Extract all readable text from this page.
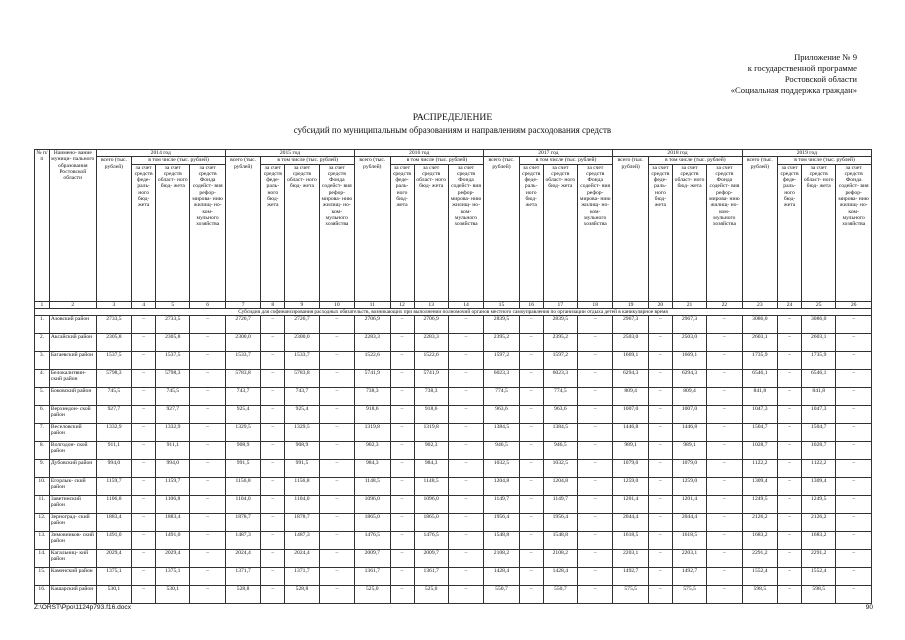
Приложение № 9
к государственной программе
Ростовской области
«Социальная поддержка граждан»
РАСПРЕДЕЛЕНИЕ
субсидий по муниципальным образованиям и направлениям расходования средств
№ п/п	Наимено- вание муници- пального образования Ростовской области	2014 год				2015 год				2016 год				2017 год				2018 год				2019 год			
		всего (тыс. рублей)	в том числе (тыс. рублей)			всего (тыс. рублей)	в том числе (тыс. рублей)			всего (тыс. рублей)	в том числе (тыс. рублей)			всего (тыс. рублей)	в том числе (тыс. рублей)			всего (тыс. рублей)	в том числе (тыс. рублей)			всего (тыс. рублей)	в том числе (тыс. рублей)		
			за счет средств феде- раль- ного бюд- жета	за счет средств област- ного бюд- жета	за счет средств Фонда содейст- вия рефор- мирова- нию жилищ- но-ком- мульного хозяйства		за счет средств феде- раль- ного бюд- жета	за счет средств област- ного бюд- жета	за счет средств Фонда содейст- вия рефор- мирова- нию жилищ- но-ком- мульного хозяйства		за счет средств феде- раль- ного бюд- жета	за счет средств област- ного бюд- жета	за счет средств Фонда содейст- вия рефор- мирова- нию жилищ- но-ком- мульного хозяйства		за счет средств феде- раль- ного бюд- жета	за счет средств област- ного бюд- жета	за счет средств Фонда содейст- вия рефор- мирова- нию жилищ- но-ком- мульного хозяйства		за счет средств феде- раль- ного бюд- жета	за счет средств област- ного бюд- жета	за счет средств Фонда содейст- вия рефор- мирова- нию жилищ- но-ком- мульного хозяйства		за счет средств феде- раль- ного бюд- жета	за счет средств област- ного бюд- жета	за счет средств Фонда содейст- вия рефор- мирова- нию жилищ- но-ком- мульного хозяйства
1	2	3	4	5	6	7	8	9	10	11	12	13	14	15	16	17	18	19	20	21	22	23	24	25	26
Субсидия для софинансирования расходных обязательств, возникающих при выполнении полномочий органов местного самоуправления по организации отдыха детей в каникулярное время																									
1.	Азовский район	2733,5	–	2733,5	–	2726,7	–	2726,7	–	2706,9	–	2706,9	–	2839,5	–	2839,5	–	2967,3	–	2967,3	–	3086,0	–	3086,0	–
2.	Аксайский район	2305,8	–	2305,8	–	2300,0	–	2300,0	–	2283,3	–	2283,3	–	2395,2	–	2395,2	–	2503,0	–	2503,0	–	2603,1	–	2603,1	–
3.	Багаевский район	1537,5	–	1537,5	–	1533,7	–	1533,7	–	1522,6	–	1522,6	–	1597,2	–	1597,2	–	1669,1	–	1669,1	–	1735,9	–	1735,9	–
4.	Белокалитвин- ский район	5798,3	–	5798,3	–	5783,8	–	5783,8	–	5741,9	–	5741,9	–	6023,3	–	6023,3	–	6294,3	–	6294,3	–	6546,1	–	6546,1	–
5.	Боковский район	745,5	–	745,5	–	743,7	–	743,7	–	738,3	–	738,3	–	774,5	–	774,5	–	809,4	–	809,4	–	841,8	–	841,8	–
6.	Верхнедон- ской район	927,7	–	927,7	–	925,4	–	925,4	–	918,6	–	918,6	–	963,6	–	963,6	–	1007,0	–	1007,0	–	1047,3	–	1047,3	–
7.	Веселовский район	1332,9	–	1332,9	–	1329,5	–	1329,5	–	1319,8	–	1319,8	–	1384,5	–	1384,5	–	1446,8	–	1446,8	–	1504,7	–	1504,7	–
8.	Волгодон- ской район	911,1	–	911,1	–	908,9	–	908,9	–	902,3	–	902,3	–	946,5	–	946,5	–	989,1	–	989,1	–	1028,7	–	1028,7	–
9.	Дубовский район	994,0	–	994,0	–	991,5	–	991,5	–	984,3	–	984,3	–	1032,5	–	1032,5	–	1079,0	–	1079,0	–	1122,2	–	1122,2	–
10.	Егорлык- ский район	1159,7	–	1159,7	–	1156,8	–	1156,8	–	1148,5	–	1148,5	–	1204,8	–	1204,8	–	1259,0	–	1259,0	–	1309,4	–	1309,4	–
11.	Заветинский район	1106,8	–	1106,8	–	1104,0	–	1104,0	–	1096,0	–	1096,0	–	1149,7	–	1149,7	–	1201,4	–	1201,4	–	1249,5	–	1249,5	–
12.	Зерноград- ский район	1883,4	–	1883,4	–	1878,7	–	1878,7	–	1865,0	–	1865,0	–	1956,4	–	1956,4	–	2044,4	–	2044,4	–	2126,2	–	2126,2	–
13.	Зимовников- ский район	1491,0	–	1491,0	–	1487,3	–	1487,3	–	1476,5	–	1476,5	–	1548,8	–	1548,8	–	1618,5	–	1618,5	–	1683,2	–	1683,2	–
14.	Кагальниц- кий район	2029,4	–	2029,4	–	2024,4	–	2024,4	–	2009,7	–	2009,7	–	2108,2	–	2108,2	–	2203,1	–	2203,1	–	2291,2	–	2291,2	–
15.	Каменский район	1375,1	–	1375,1	–	1371,7	–	1371,7	–	1361,7	–	1361,7	–	1428,4	–	1428,4	–	1492,7	–	1492,7	–	1552,4	–	1552,4	–
16.	Кашарский район	530,1	–	530,1	–	528,8	–	528,8	–	525,0	–	525,0	–	550,7	–	550,7	–	575,5	–	575,5	–	598,5	–	598,5	–
Z:\ORST\Ppo\1124p793.f16.docx	90
